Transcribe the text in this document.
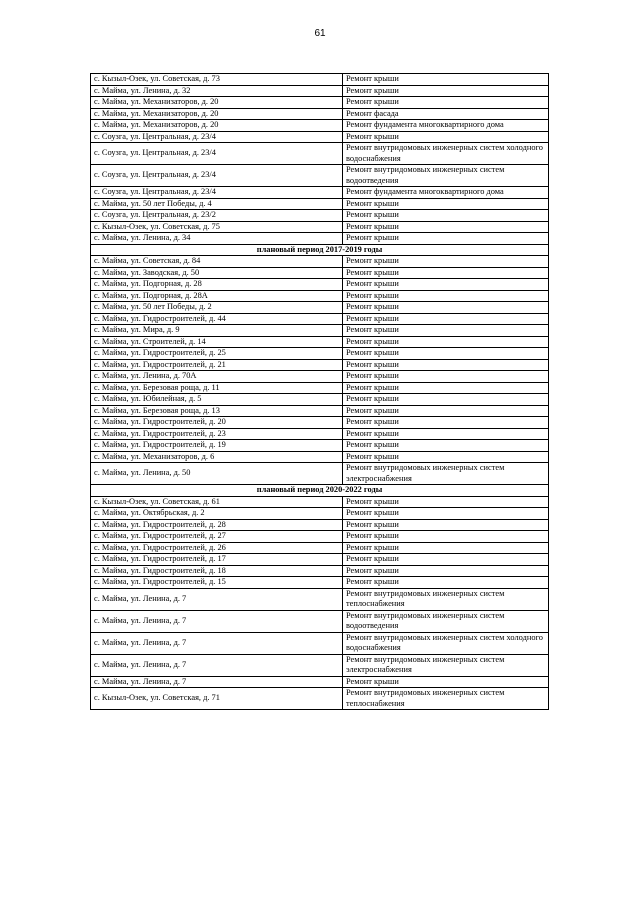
61
с. Кызыл-Озек, ул. Советская, д. 73	Ремонт крыши
с. Майма, ул. Ленина, д. 32	Ремонт крыши
с. Майма, ул. Механизаторов, д. 20	Ремонт крыши
с. Майма, ул. Механизаторов, д. 20	Ремонт фасада
с. Майма, ул. Механизаторов, д. 20	Ремонт фундамента многоквартирного дома
с. Соузга, ул. Центральная, д. 23/4	Ремонт крыши
с. Соузга, ул. Центральная, д. 23/4	Ремонт внутридомовых инженерных систем холодного водоснабжения
с. Соузга, ул. Центральная, д. 23/4	Ремонт внутридомовых инженерных систем водоотведения
с. Соузга, ул. Центральная, д. 23/4	Ремонт фундамента многоквартирного дома
с. Майма, ул. 50 лет Победы, д. 4	Ремонт крыши
с. Соузга, ул. Центральная, д. 23/2	Ремонт крыши
с. Кызыл-Озек, ул. Советская, д. 75	Ремонт крыши
с. Майма, ул. Ленина, д. 34	Ремонт крыши
плановый период 2017-2019 годы	
с. Майма, ул. Советская, д. 84	Ремонт крыши
с. Майма, ул. Заводская, д. 50	Ремонт крыши
с. Майма, ул. Подгорная, д. 28	Ремонт крыши
с. Майма, ул. Подгорная, д. 28А	Ремонт крыши
с. Майма, ул. 50 лет Победы, д. 2	Ремонт крыши
с. Майма, ул. Гидростроителей, д. 44	Ремонт крыши
с. Майма, ул. Мира, д. 9	Ремонт крыши
с. Майма, ул. Строителей, д. 14	Ремонт крыши
с. Майма, ул. Гидростроителей, д. 25	Ремонт крыши
с. Майма, ул. Гидростроителей, д. 21	Ремонт крыши
с. Майма, ул. Ленина, д. 70А	Ремонт крыши
с. Майма, ул. Березовая роща, д. 11	Ремонт крыши
с. Майма, ул. Юбилейная, д. 5	Ремонт крыши
с. Майма, ул. Березовая роща, д. 13	Ремонт крыши
с. Майма, ул. Гидростроителей, д. 20	Ремонт крыши
с. Майма, ул. Гидростроителей, д. 23	Ремонт крыши
с. Майма, ул. Гидростроителей, д. 19	Ремонт крыши
с. Майма, ул. Механизаторов, д. 6	Ремонт крыши
с. Майма, ул. Ленина, д. 50	Ремонт внутридомовых инженерных систем электроснабжения
плановый период 2020-2022 годы	
с. Кызыл-Озек, ул. Советская, д. 61	Ремонт крыши
с. Майма, ул. Октябрьская, д. 2	Ремонт крыши
с. Майма, ул. Гидростроителей, д. 28	Ремонт крыши
с. Майма, ул. Гидростроителей, д. 27	Ремонт крыши
с. Майма, ул. Гидростроителей, д. 26	Ремонт крыши
с. Майма, ул. Гидростроителей, д. 17	Ремонт крыши
с. Майма, ул. Гидростроителей, д. 18	Ремонт крыши
с. Майма, ул. Гидростроителей, д. 15	Ремонт крыши
с. Майма, ул. Ленина, д. 7	Ремонт внутридомовых инженерных систем теплоснабжения
с. Майма, ул. Ленина, д. 7	Ремонт внутридомовых инженерных систем водоотведения
с. Майма, ул. Ленина, д. 7	Ремонт внутридомовых инженерных систем холодного водоснабжения
с. Майма, ул. Ленина, д. 7	Ремонт внутридомовых инженерных систем электроснабжения
с. Майма, ул. Ленина, д. 7	Ремонт крыши
с. Кызыл-Озек, ул. Советская, д. 71	Ремонт внутридомовых инженерных систем теплоснабжения
